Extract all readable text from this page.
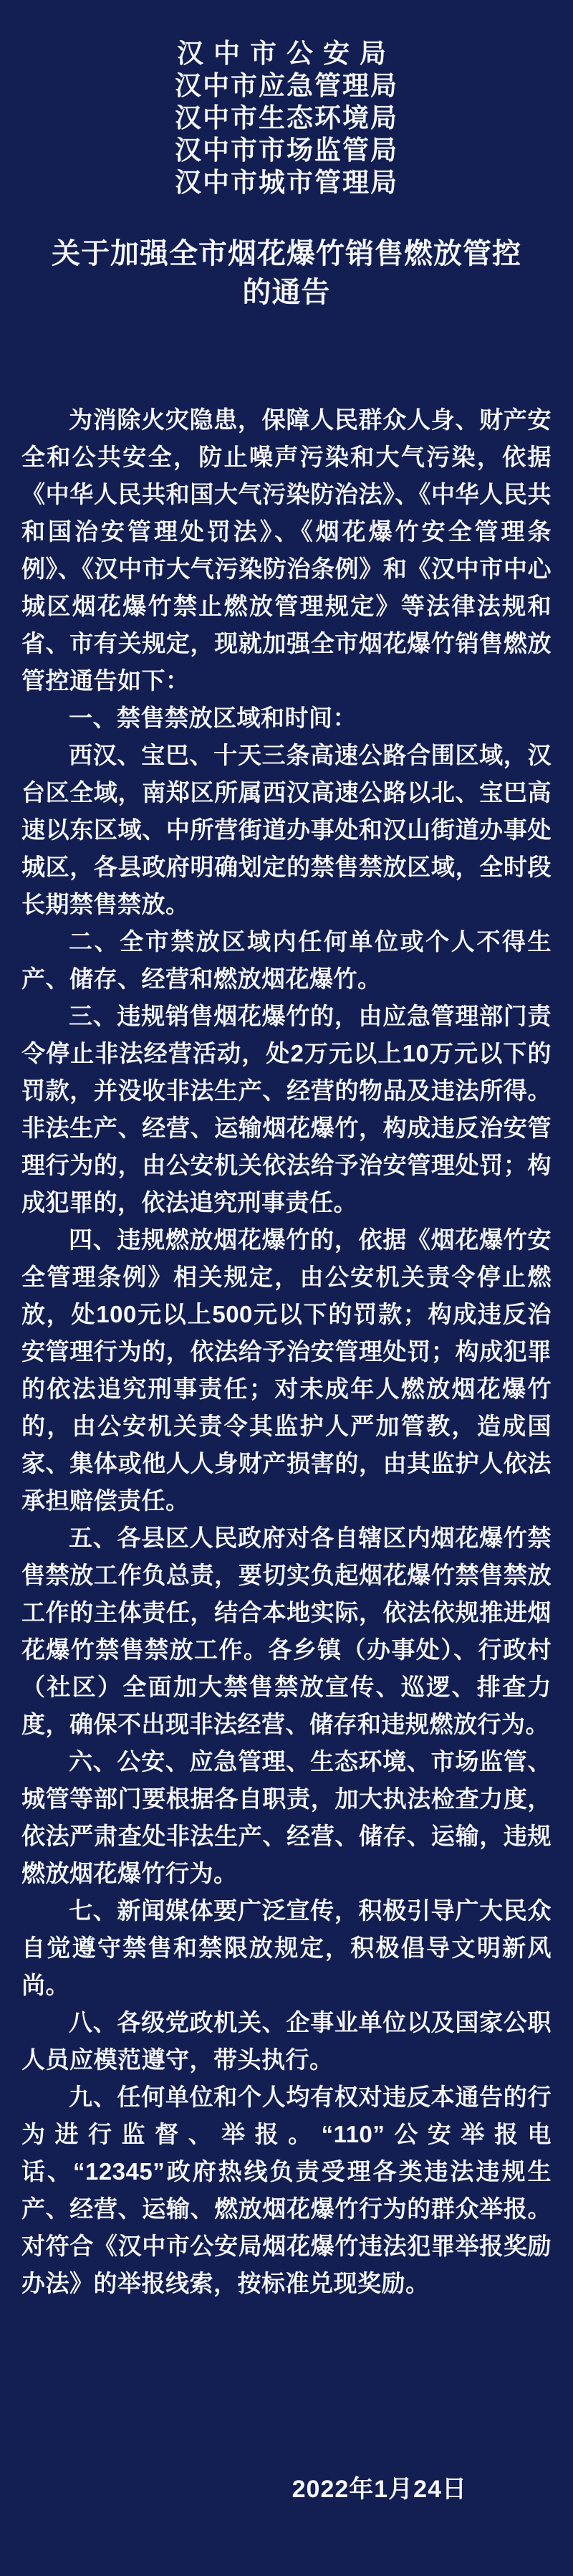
汉中市公安局
汉中市应急管理局
汉中市生态环境局
汉中市市场监管局
汉中市城市管理局
关于加强全市烟花爆竹销售燃放管控的通告

为消除火灾隐患，保障人民群众人身、财产安全和公共安全，防止噪声污染和大气污染，依据《中华人民共和国大气污染防治法》、《中华人民共和国治安管理处罚法》、《烟花爆竹安全管理条例》、《汉中市大气污染防治条例》和《汉中市中心城区烟花爆竹禁止燃放管理规定》等法律法规和省、市有关规定，现就加强全市烟花爆竹销售燃放管控通告如下：

一、禁售禁放区域和时间：

西汉、宝巴、十天三条高速公路合围区域，汉台区全域，南郑区所属西汉高速公路以北、宝巴高速以东区域、中所营街道办事处和汉山街道办事处城区，各县政府明确划定的禁售禁放区域，全时段长期禁售禁放。

二、全市禁放区域内任何单位或个人不得生产、储存、经营和燃放烟花爆竹。

三、违规销售烟花爆竹的，由应急管理部门责令停止非法经营活动，处2万元以上10万元以下的罚款，并没收非法生产、经营的物品及违法所得。非法生产、经营、运输烟花爆竹，构成违反治安管理行为的，由公安机关依法给予治安管理处罚；构成犯罪的，依法追究刑事责任。

四、违规燃放烟花爆竹的，依据《烟花爆竹安全管理条例》相关规定，由公安机关责令停止燃放，处100元以上500元以下的罚款；构成违反治安管理行为的，依法给予治安管理处罚；构成犯罪的依法追究刑事责任；对未成年人燃放烟花爆竹的，由公安机关责令其监护人严加管教，造成国家、集体或他人人身财产损害的，由其监护人依法承担赔偿责任。

五、各县区人民政府对各自辖区内烟花爆竹禁售禁放工作负总责，要切实负起烟花爆竹禁售禁放工作的主体责任，结合本地实际，依法依规推进烟花爆竹禁售禁放工作。各乡镇（办事处）、行政村（社区）全面加大禁售禁放宣传、巡逻、排查力度，确保不出现非法经营、储存和违规燃放行为。

六、公安、应急管理、生态环境、市场监管、城管等部门要根据各自职责，加大执法检查力度，依法严肃查处非法生产、经营、储存、运输，违规燃放烟花爆竹行为。

七、新闻媒体要广泛宣传，积极引导广大民众自觉遵守禁售和禁限放规定，积极倡导文明新风尚。

八、各级党政机关、企事业单位以及国家公职人员应模范遵守，带头执行。

九、任何单位和个人均有权对违反本通告的行为进行监督、举报。“110”公安举报电话、“12345”政府热线负责受理各类违法违规生产、经营、运输、燃放烟花爆竹行为的群众举报。对符合《汉中市公安局烟花爆竹违法犯罪举报奖励办法》的举报线索，按标准兑现奖励。

2022年1月24日
